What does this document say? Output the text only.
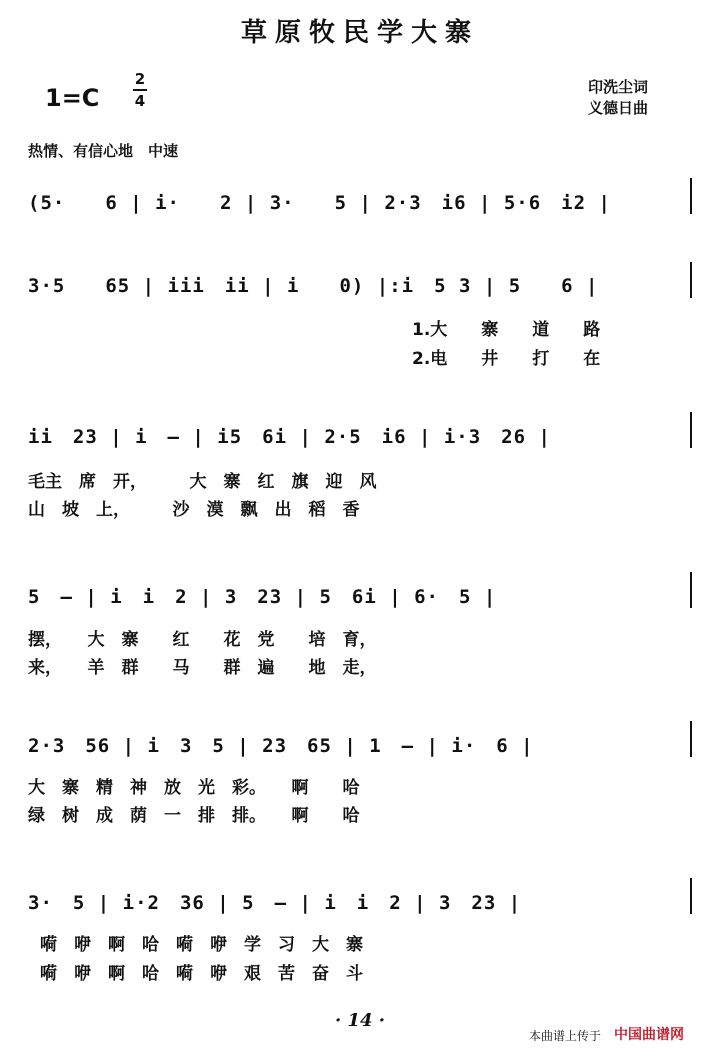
草原牧民学大寨
1=C
2
4
印洗尘词
义德日曲
热情、有信心地　中速
(5·　　6 | i·　　2 | 3·　　5 | 2·3　i6 | 5·6　i2 |
3·5　　65 | iii　ii | i　　0) |:i　5 3 | 5　　6 |
1.大　　寨　　道　　路
2.电　　井　　打　　在
ii　23 | i　— | i5　6i | 2·5　i6 | i·3　26 |
毛主　席　开，　　　大　寨　红　旗　迎　风
山　坡　上，　　　沙　漠　飘　出　稻　香
5　— | i　i　2 | 3　23 | 5　6i | 6·　5 |
摆，　　大　寨　　红　　花　党　　培　育，
来，　　羊　群　　马　　群　遍　　地　走，
2·3　56 | i　3　5 | 23　65 | 1　— | i·　6 |
大　寨　精　神　放　光　彩。　　啊　　哈
绿　树　成　荫　一　排　排。　　啊　　哈
3·　5 | i·2　36 | 5　— | i　i　2 | 3　23 |
嗬　咿　啊　哈　嗬　咿　学　习　大　寨
嗬　咿　啊　哈　嗬　咿　艰　苦　奋　斗
· 14 ·
本曲谱上传于 中国曲谱网
